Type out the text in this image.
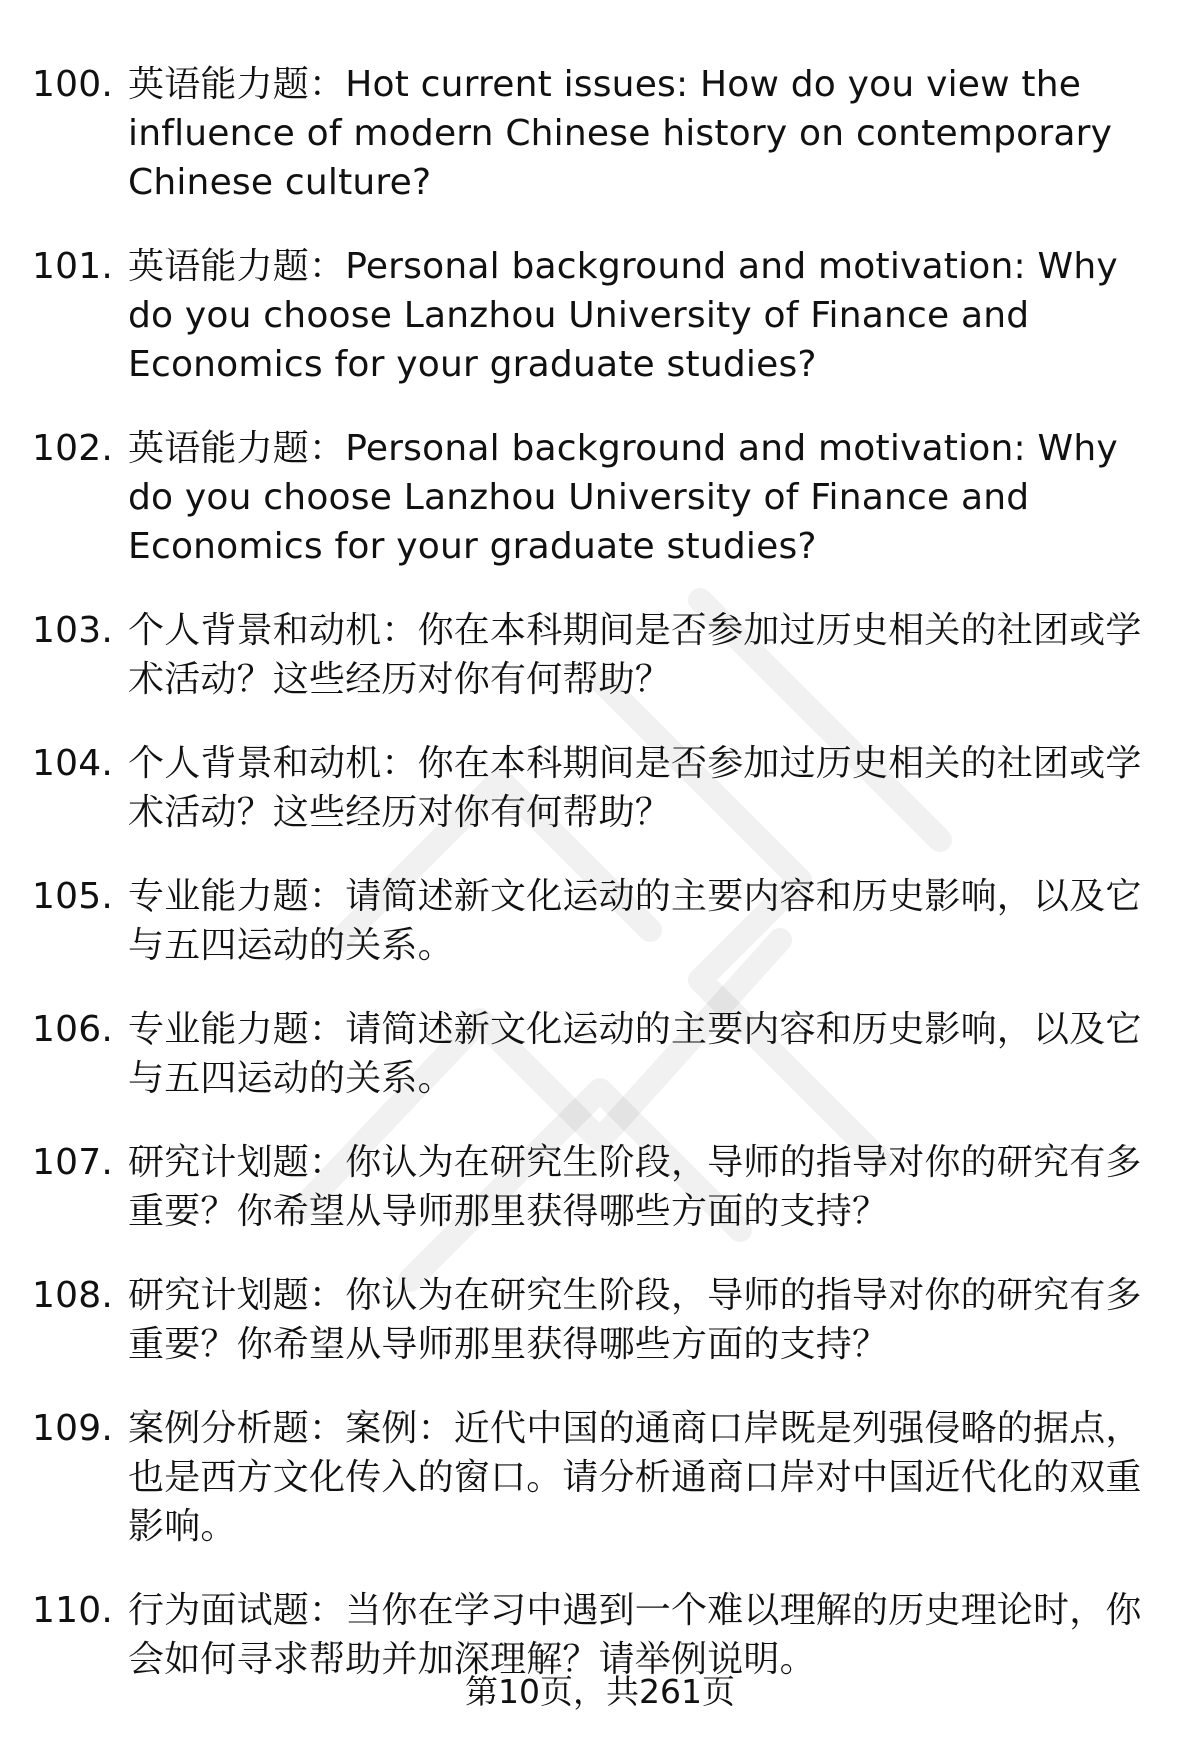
100. 英语能力题：Hot current issues: How do you view the influence of modern Chinese history on contemporary Chinese culture?
101. 英语能力题：Personal background and motivation: Why do you choose Lanzhou University of Finance and Economics for your graduate studies?
102. 英语能力题：Personal background and motivation: Why do you choose Lanzhou University of Finance and Economics for your graduate studies?
103. 个人背景和动机：你在本科期间是否参加过历史相关的社团或学术活动？这些经历对你有何帮助？
104. 个人背景和动机：你在本科期间是否参加过历史相关的社团或学术活动？这些经历对你有何帮助？
105. 专业能力题：请简述新文化运动的主要内容和历史影响，以及它与五四运动的关系。
106. 专业能力题：请简述新文化运动的主要内容和历史影响，以及它与五四运动的关系。
107. 研究计划题：你认为在研究生阶段，导师的指导对你的研究有多重要？你希望从导师那里获得哪些方面的支持？
108. 研究计划题：你认为在研究生阶段，导师的指导对你的研究有多重要？你希望从导师那里获得哪些方面的支持？
109. 案例分析题：案例：近代中国的通商口岸既是列强侵略的据点，也是西方文化传入的窗口。请分析通商口岸对中国近代化的双重影响。
110. 行为面试题：当你在学习中遇到一个难以理解的历史理论时，你会如何寻求帮助并加深理解？请举例说明。
第10页，共261页
